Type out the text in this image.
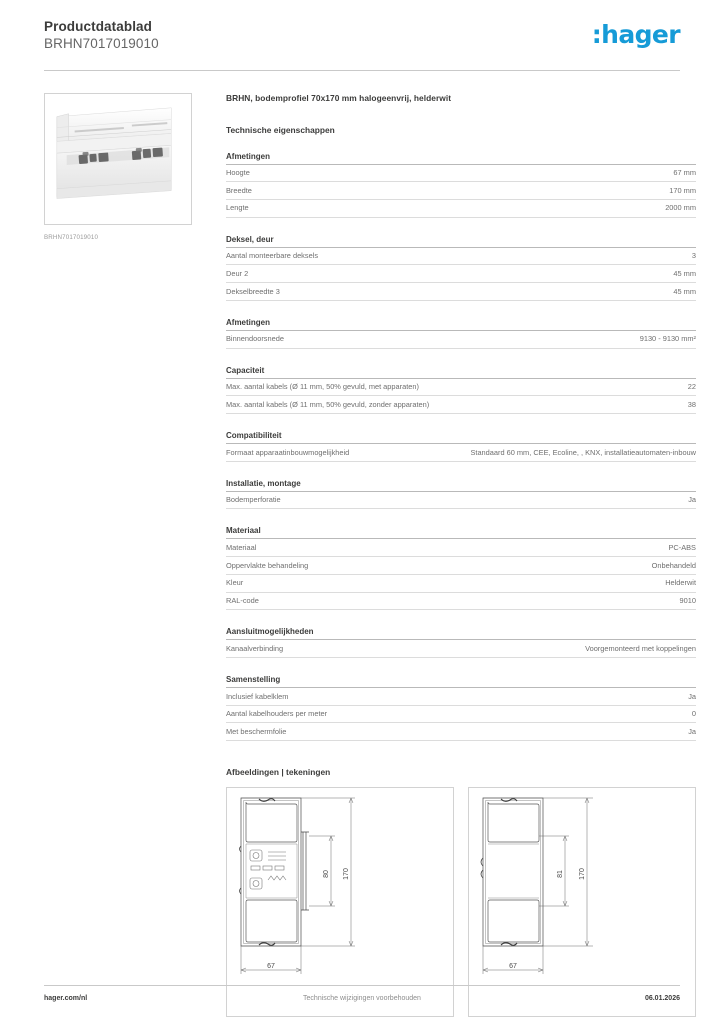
Productdatablad
BRHN7017019010	:hager
BRHN7017019010
BRHN, bodemprofiel 70x170 mm halogeenvrij, helderwit
Technische eigenschappen
Afmetingen
Hoogte	67 mm
Breedte	170 mm
Lengte	2000 mm
Deksel, deur
Aantal monteerbare deksels	3
Deur 2	45 mm
Dekselbreedte 3	45 mm
Afmetingen
Binnendoorsnede	9130 - 9130 mm²
Capaciteit
Max. aantal kabels (Ø 11 mm, 50% gevuld, met apparaten)	22
Max. aantal kabels (Ø 11 mm, 50% gevuld, zonder apparaten)	38
Compatibiliteit
Formaat apparaatinbouwmogelijkheid	Standaard 60 mm, CEE, Ecoline, , KNX, installatieautomaten-inbouw
Installatie, montage
Bodemperforatie	Ja
Materiaal
Materiaal	PC-ABS
Oppervlakte behandeling	Onbehandeld
Kleur	Helderwit
RAL-code	9010
Aansluitmogelijkheden
Kanaalverbinding	Voorgemonteerd met koppelingen
Samenstelling
Inclusief kabelklem	Ja
Aantal kabelhouders per meter	0
Met beschermfolie	Ja
Afbeeldingen | tekeningen
80 170
67
81 170
67
hager.com/nl	Technische wijzigingen voorbehouden	06.01.2026
